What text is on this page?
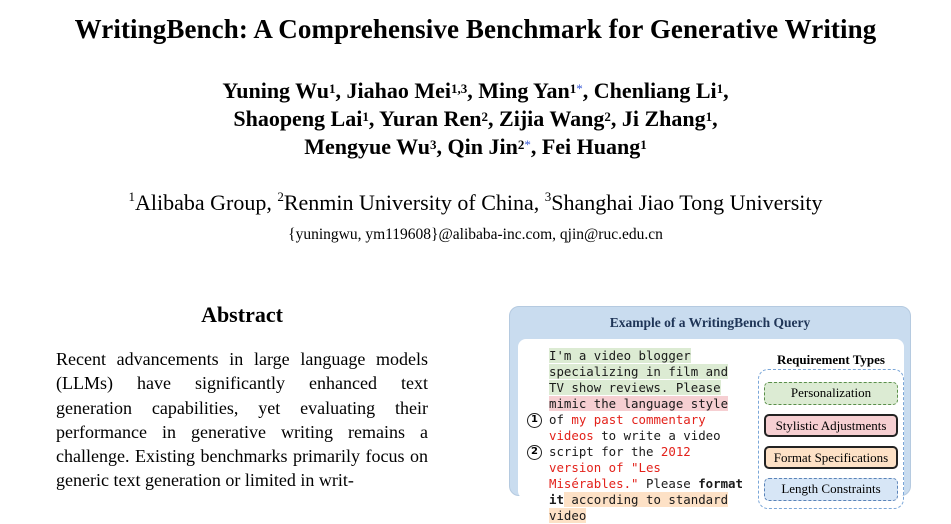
WritingBench: A Comprehensive Benchmark for Generative Writing
Yuning Wu$^1$, Jiahao Mei$^{1,3}$, Ming Yan$^{1*}$, Chenliang Li$^1$,
Shaopeng Lai$^1$, Yuran Ren$^2$, Zijia Wang$^2$, Ji Zhang$^1$,
Mengyue Wu$^3$, Qin Jin$^{2*}$, Fei Huang$^1$
$^1$Alibaba Group, $^2$Renmin University of China, $^3$Shanghai Jiao Tong University
{yuningwu, ym119608}@alibaba-inc.com, qjin@ruc.edu.cn
Abstract
Recent advancements in large language models (LLMs) have significantly enhanced text generation capabilities, yet evaluating their performance in generative writing remains a challenge. Existing benchmarks primarily focus on generic text generation or limited in writ-
Example of a WritingBench Query
I'm a video blogger specializing in film and TV show reviews. Please mimic the language style of my past commentary videos to write a video script for the 2012 version of "Les Misérables." Please format it according to standard video
1
2
Requirement Types
Personalization
Stylistic Adjustments
Format Specifications
Length Constraints
